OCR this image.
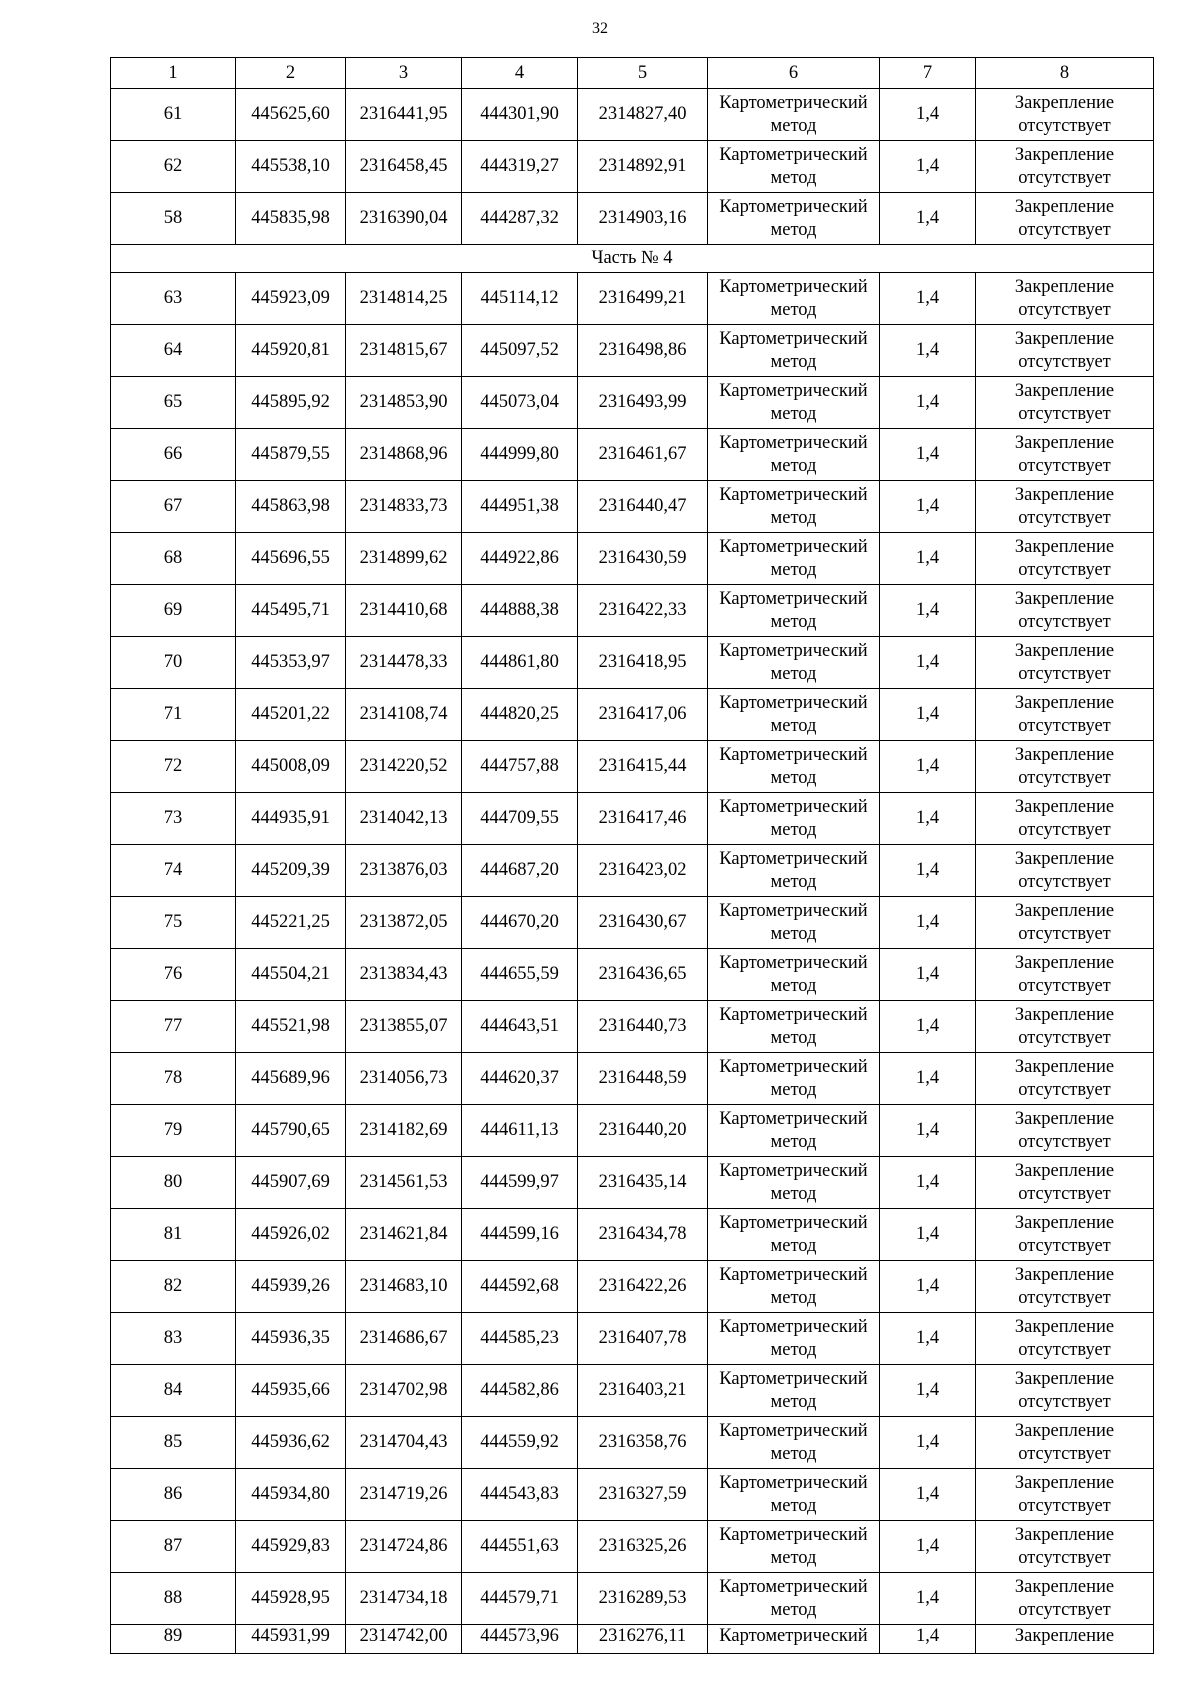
32
1	2	3	4	5	6	7	8
61	445625,60	2316441,95	444301,90	2314827,40	Картометрический метод	1,4	Закрепление отсутствует
62	445538,10	2316458,45	444319,27	2314892,91	Картометрический метод	1,4	Закрепление отсутствует
58	445835,98	2316390,04	444287,32	2314903,16	Картометрический метод	1,4	Закрепление отсутствует
Часть № 4							
63	445923,09	2314814,25	445114,12	2316499,21	Картометрический метод	1,4	Закрепление отсутствует
64	445920,81	2314815,67	445097,52	2316498,86	Картометрический метод	1,4	Закрепление отсутствует
65	445895,92	2314853,90	445073,04	2316493,99	Картометрический метод	1,4	Закрепление отсутствует
66	445879,55	2314868,96	444999,80	2316461,67	Картометрический метод	1,4	Закрепление отсутствует
67	445863,98	2314833,73	444951,38	2316440,47	Картометрический метод	1,4	Закрепление отсутствует
68	445696,55	2314899,62	444922,86	2316430,59	Картометрический метод	1,4	Закрепление отсутствует
69	445495,71	2314410,68	444888,38	2316422,33	Картометрический метод	1,4	Закрепление отсутствует
70	445353,97	2314478,33	444861,80	2316418,95	Картометрический метод	1,4	Закрепление отсутствует
71	445201,22	2314108,74	444820,25	2316417,06	Картометрический метод	1,4	Закрепление отсутствует
72	445008,09	2314220,52	444757,88	2316415,44	Картометрический метод	1,4	Закрепление отсутствует
73	444935,91	2314042,13	444709,55	2316417,46	Картометрический метод	1,4	Закрепление отсутствует
74	445209,39	2313876,03	444687,20	2316423,02	Картометрический метод	1,4	Закрепление отсутствует
75	445221,25	2313872,05	444670,20	2316430,67	Картометрический метод	1,4	Закрепление отсутствует
76	445504,21	2313834,43	444655,59	2316436,65	Картометрический метод	1,4	Закрепление отсутствует
77	445521,98	2313855,07	444643,51	2316440,73	Картометрический метод	1,4	Закрепление отсутствует
78	445689,96	2314056,73	444620,37	2316448,59	Картометрический метод	1,4	Закрепление отсутствует
79	445790,65	2314182,69	444611,13	2316440,20	Картометрический метод	1,4	Закрепление отсутствует
80	445907,69	2314561,53	444599,97	2316435,14	Картометрический метод	1,4	Закрепление отсутствует
81	445926,02	2314621,84	444599,16	2316434,78	Картометрический метод	1,4	Закрепление отсутствует
82	445939,26	2314683,10	444592,68	2316422,26	Картометрический метод	1,4	Закрепление отсутствует
83	445936,35	2314686,67	444585,23	2316407,78	Картометрический метод	1,4	Закрепление отсутствует
84	445935,66	2314702,98	444582,86	2316403,21	Картометрический метод	1,4	Закрепление отсутствует
85	445936,62	2314704,43	444559,92	2316358,76	Картометрический метод	1,4	Закрепление отсутствует
86	445934,80	2314719,26	444543,83	2316327,59	Картометрический метод	1,4	Закрепление отсутствует
87	445929,83	2314724,86	444551,63	2316325,26	Картометрический метод	1,4	Закрепление отсутствует
88	445928,95	2314734,18	444579,71	2316289,53	Картометрический метод	1,4	Закрепление отсутствует
89	445931,99	2314742,00	444573,96	2316276,11	Картометрический	1,4	Закрепление
